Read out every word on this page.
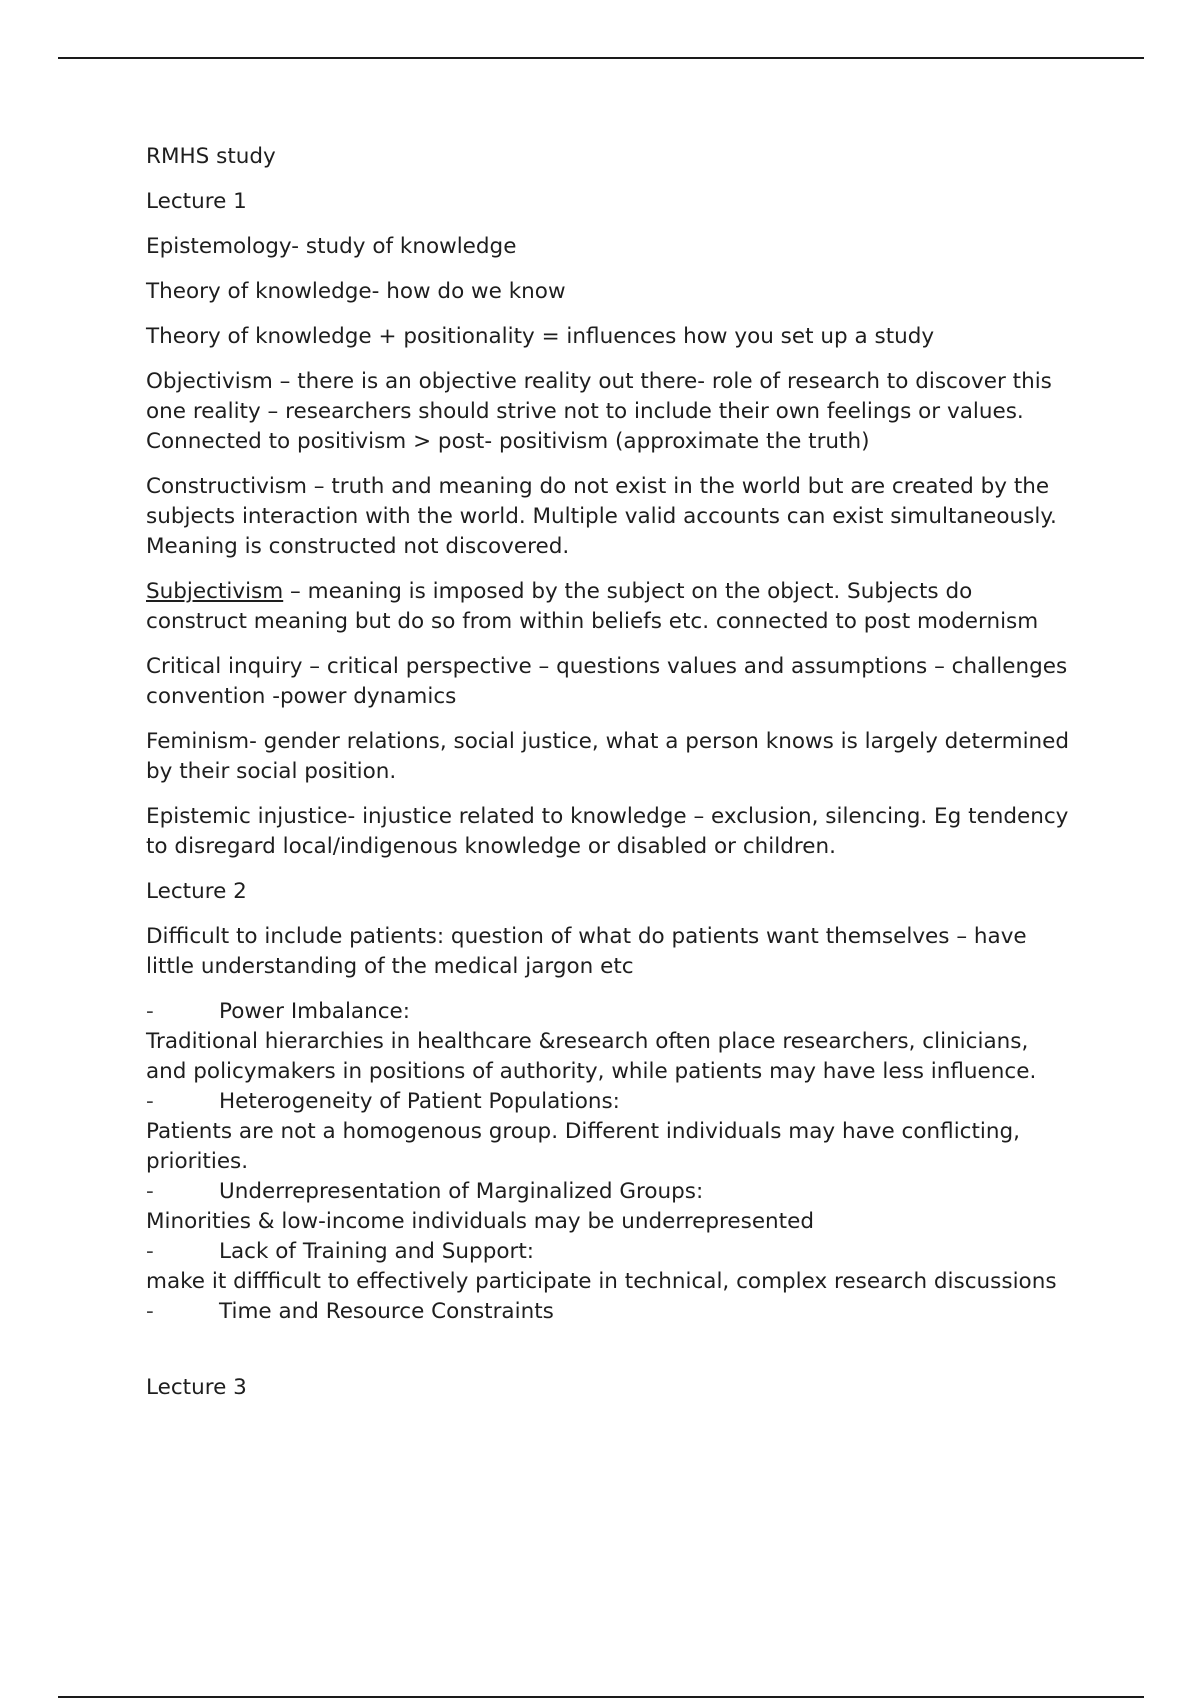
RMHS study

Lecture 1

Epistemology- study of knowledge

Theory of knowledge- how do we know

Theory of knowledge + positionality = influences how you set up a study

Objectivism – there is an objective reality out there- role of research to discover this one reality – researchers should strive not to include their own feelings or values. Connected to positivism > post- positivism (approximate the truth)

Constructivism – truth and meaning do not exist in the world but are created by the subjects interaction with the world. Multiple valid accounts can exist simultaneously. Meaning is constructed not discovered.

Subjectivism – meaning is imposed by the subject on the object. Subjects do construct meaning but do so from within beliefs etc. connected to post modernism

Critical inquiry – critical perspective – questions values and assumptions – challenges convention -power dynamics

Feminism- gender relations, social justice, what a person knows is largely determined by their social position.

Epistemic injustice- injustice related to knowledge – exclusion, silencing. Eg tendency to disregard local/indigenous knowledge or disabled or children.

Lecture 2

Difficult to include patients: question of what do patients want themselves – have little understanding of the medical jargon etc

-	Power Imbalance:

Traditional hierarchies in healthcare &research often place researchers, clinicians,

and policymakers in positions of authority, while patients may have less influence.

-	Heterogeneity of Patient Populations:

Patients are not a homogenous group. Different individuals may have conflicting, priorities.

-	Underrepresentation of Marginalized Groups:

Minorities & low-income individuals may be underrepresented

-	Lack of Training and Support:

make it diffficult to effectively participate in technical, complex research discussions

-	Time and Resource Constraints

Lecture 3
